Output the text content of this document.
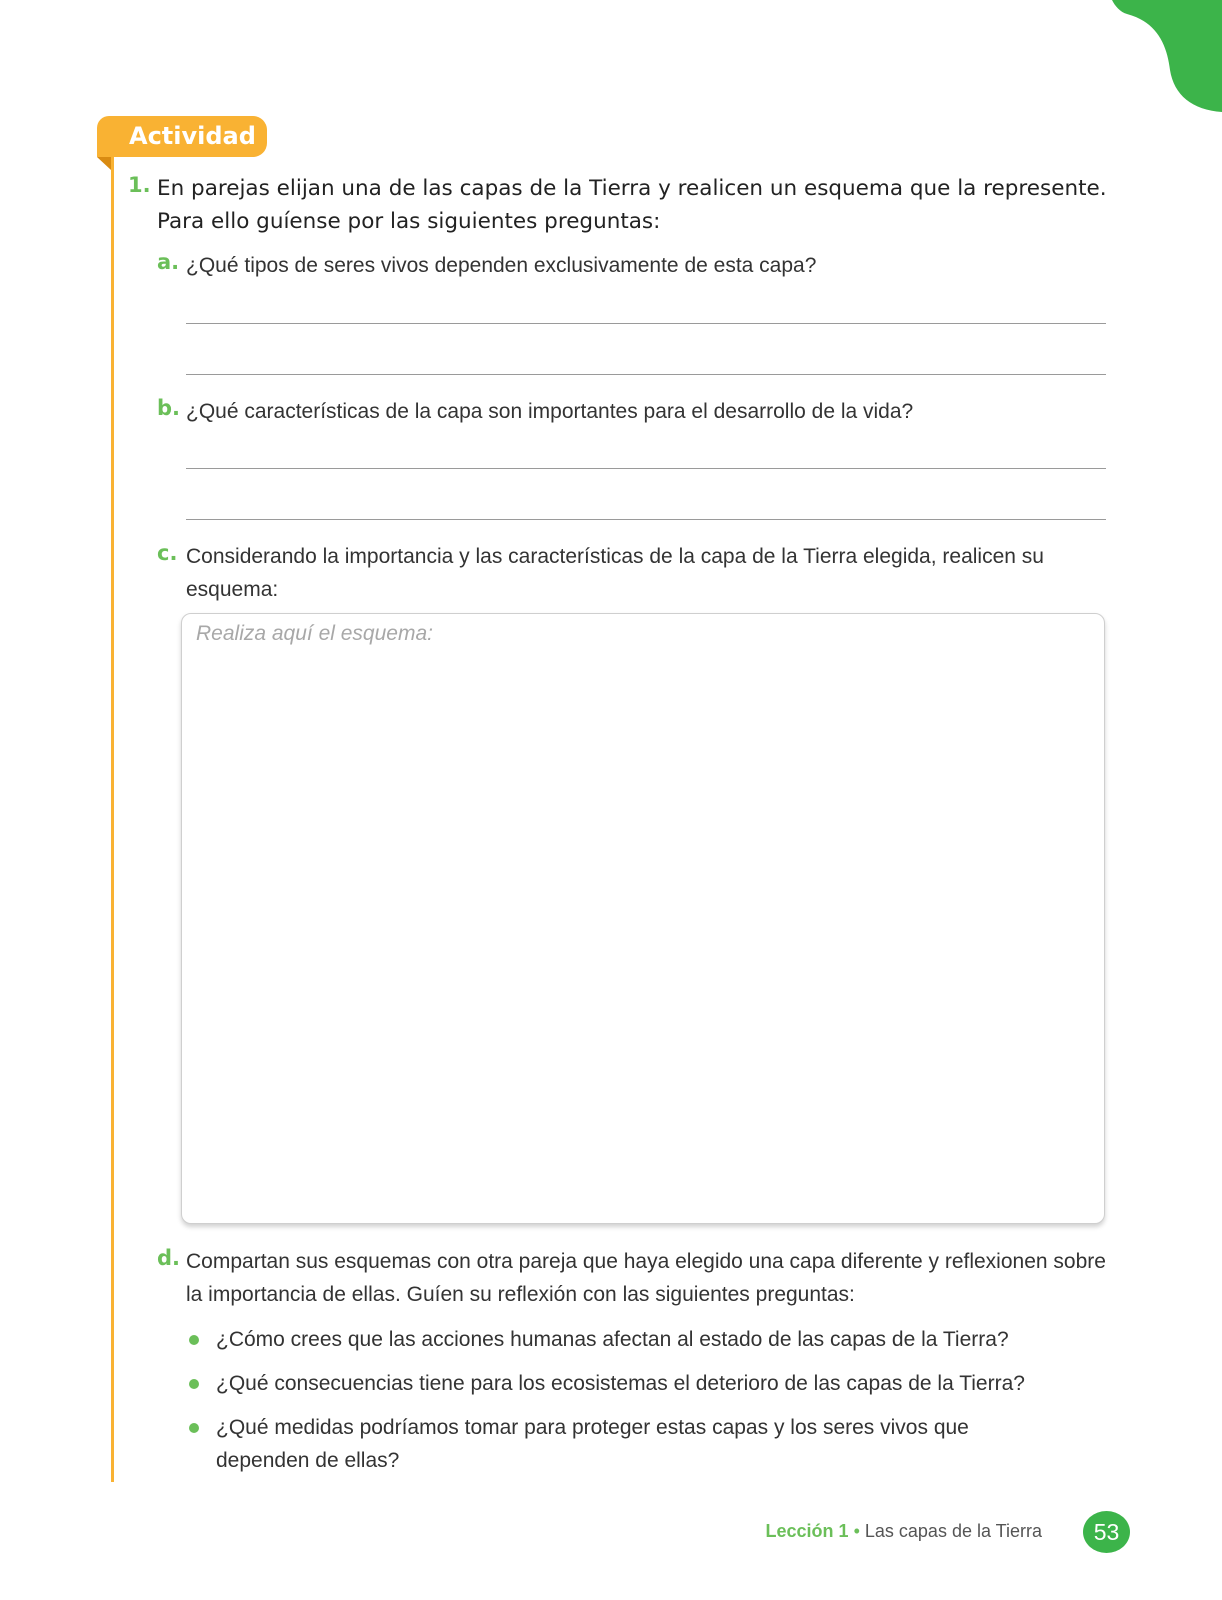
Actividad
1. En parejas elijan una de las capas de la Tierra y realicen un esquema que la represente. Para ello guíense por las siguientes preguntas:
a. ¿Qué tipos de seres vivos dependen exclusivamente de esta capa?
b. ¿Qué características de la capa son importantes para el desarrollo de la vida?
c. Considerando la importancia y las características de la capa de la Tierra elegida, realicen su esquema:
Realiza aquí el esquema:
d. Compartan sus esquemas con otra pareja que haya elegido una capa diferente y reflexionen sobre la importancia de ellas. Guíen su reflexión con las siguientes preguntas:
¿Cómo crees que las acciones humanas afectan al estado de las capas de la Tierra?
¿Qué consecuencias tiene para los ecosistemas el deterioro de las capas de la Tierra?
¿Qué medidas podríamos tomar para proteger estas capas y los seres vivos que dependen de ellas?
Lección 1 • Las capas de la Tierra	53
